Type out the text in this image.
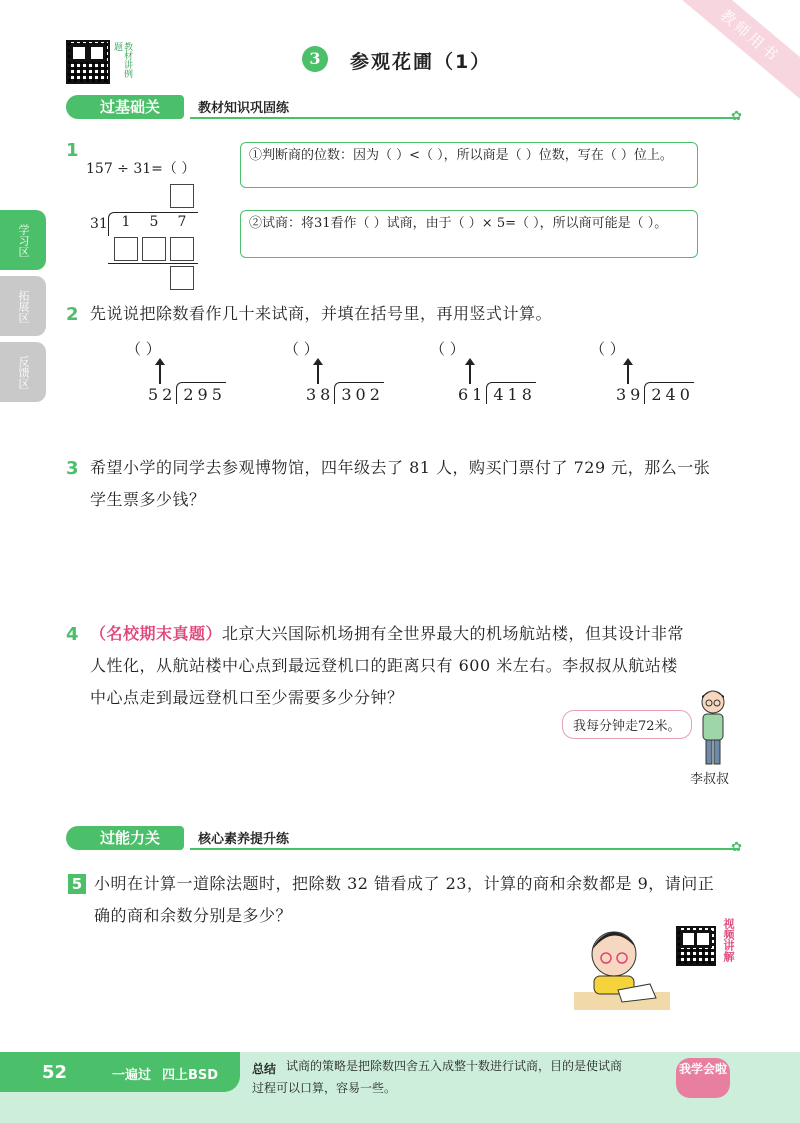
教师用书
教材讲例题
3	参观花圃（1）
学习区
拓展区
反馈区
过基础关	教材知识巩固练
✿
1
157 ÷ 31=（ ）
31 1 5 7
①判断商的位数：因为（ ）<（ ），所以商是（ ）位数，写在（ ）位上。
②试商：将31看作（ ）试商，由于（ ）× 5=（ ），所以商可能是（ ）。
2 先说说把除数看作几十来试商，并填在括号里，再用竖式计算。
（ ）
52 295
（ ）
38 302
（ ）
61 418
（ ）
39 240
3 希望小学的同学去参观博物馆，四年级去了 81 人，购买门票付了 729 元，那么一张
学生票多少钱？
4 （名校期末真题）北京大兴国际机场拥有全世界最大的机场航站楼，但其设计非常
人性化，从航站楼中心点到最远登机口的距离只有 600 米左右。李叔叔从航站楼
中心点走到最远登机口至少需要多少分钟？
我每分钟走72米。
李叔叔
过能力关	核心素养提升练
✿
5 小明在计算一道除法题时，把除数 32 错看成了 23，计算的商和余数都是 9，请问正
确的商和余数分别是多少？
视频讲解
52	一遍过 四上BSD	总结 试商的策略是把除数四舍五入成整十数进行试商，目的是使试商
过程可以口算，容易一些。
我学会啦
